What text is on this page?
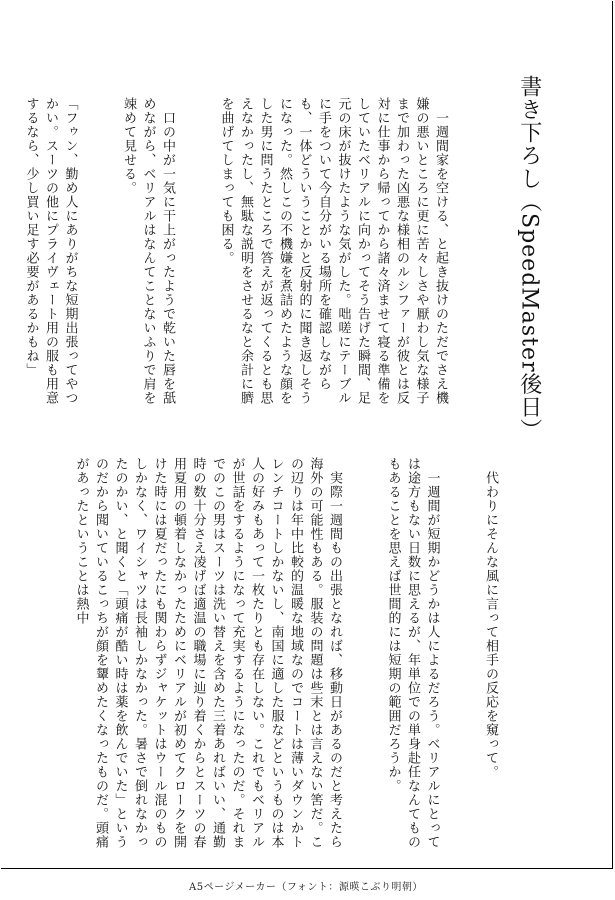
書き下ろし（SpeedMaster後日）

　一週間家を空ける、と起き抜けのただでさえ機嫌の悪いところに更に苦々しさや厭わし気な様子まで加わった凶悪な様相のルシファーが彼とは反対に仕事から帰ってから諸々済ませて寝る準備をしていたベリアルに向かってそう告げた瞬間、足元の床が抜けたような気がした。咄嗟にテーブルに手をついて今自分がいる場所を確認しながらも、一体どういうことかと反射的に聞き返しそうになった。然しこの不機嫌を煮詰めたような顔をした男に問うたところで答えが返ってくるとも思えなかったし、無駄な説明をさせるなと余計に臍を曲げてしまっても困る。

　口の中が一気に干上がったようで乾いた唇を舐めながら、ベリアルはなんてことないふりで肩を竦めて見せる。

「フゥン、勤め人にありがちな短期出張ってやつかい。スーツの他にプライヴェート用の服も用意するなら、少し買い足す必要があるかもね」

　代わりにそんな風に言って相手の反応を窺って。

　一週間が短期かどうかは人によるだろう。ベリアルにとっては途方もない日数に思えるが、年単位での単身赴任なんてものもあることを思えば世間的には短期の範囲だろうか。

　実際一週間もの出張となれば、移動日があるのだと考えたら海外の可能性もある。服装の問題は些末とは言えない筈だ。この辺りは年中比較的温暖な地域なのでコートは薄いダウンかトレンチコートしかないし、南国に適した服などというものは本人の好みもあって一枚たりとも存在しない。これでもベリアルが世話をするようになって充実するようになったのだ。それまでのこの男はスーツは洗い替えを含めた三着あればいい、通勤時の数十分さえ凌げば適温の職場に辿り着くからとスーツの春用夏用の頓着しなかったためにベリアルが初めてクロークを開けた時には夏だったにも関わらずジャケットはウール混のものしかなく、ワイシャツは長袖しかなかった。暑さで倒れなかったのかい、と聞くと「頭痛が酷い時は薬を飲んでいた」というのだから聞いているこっちが顔を顰めたくなったものだ。頭痛があったということは熱中

A5ページメーカー（フォント：源暎こぶり明朝）
